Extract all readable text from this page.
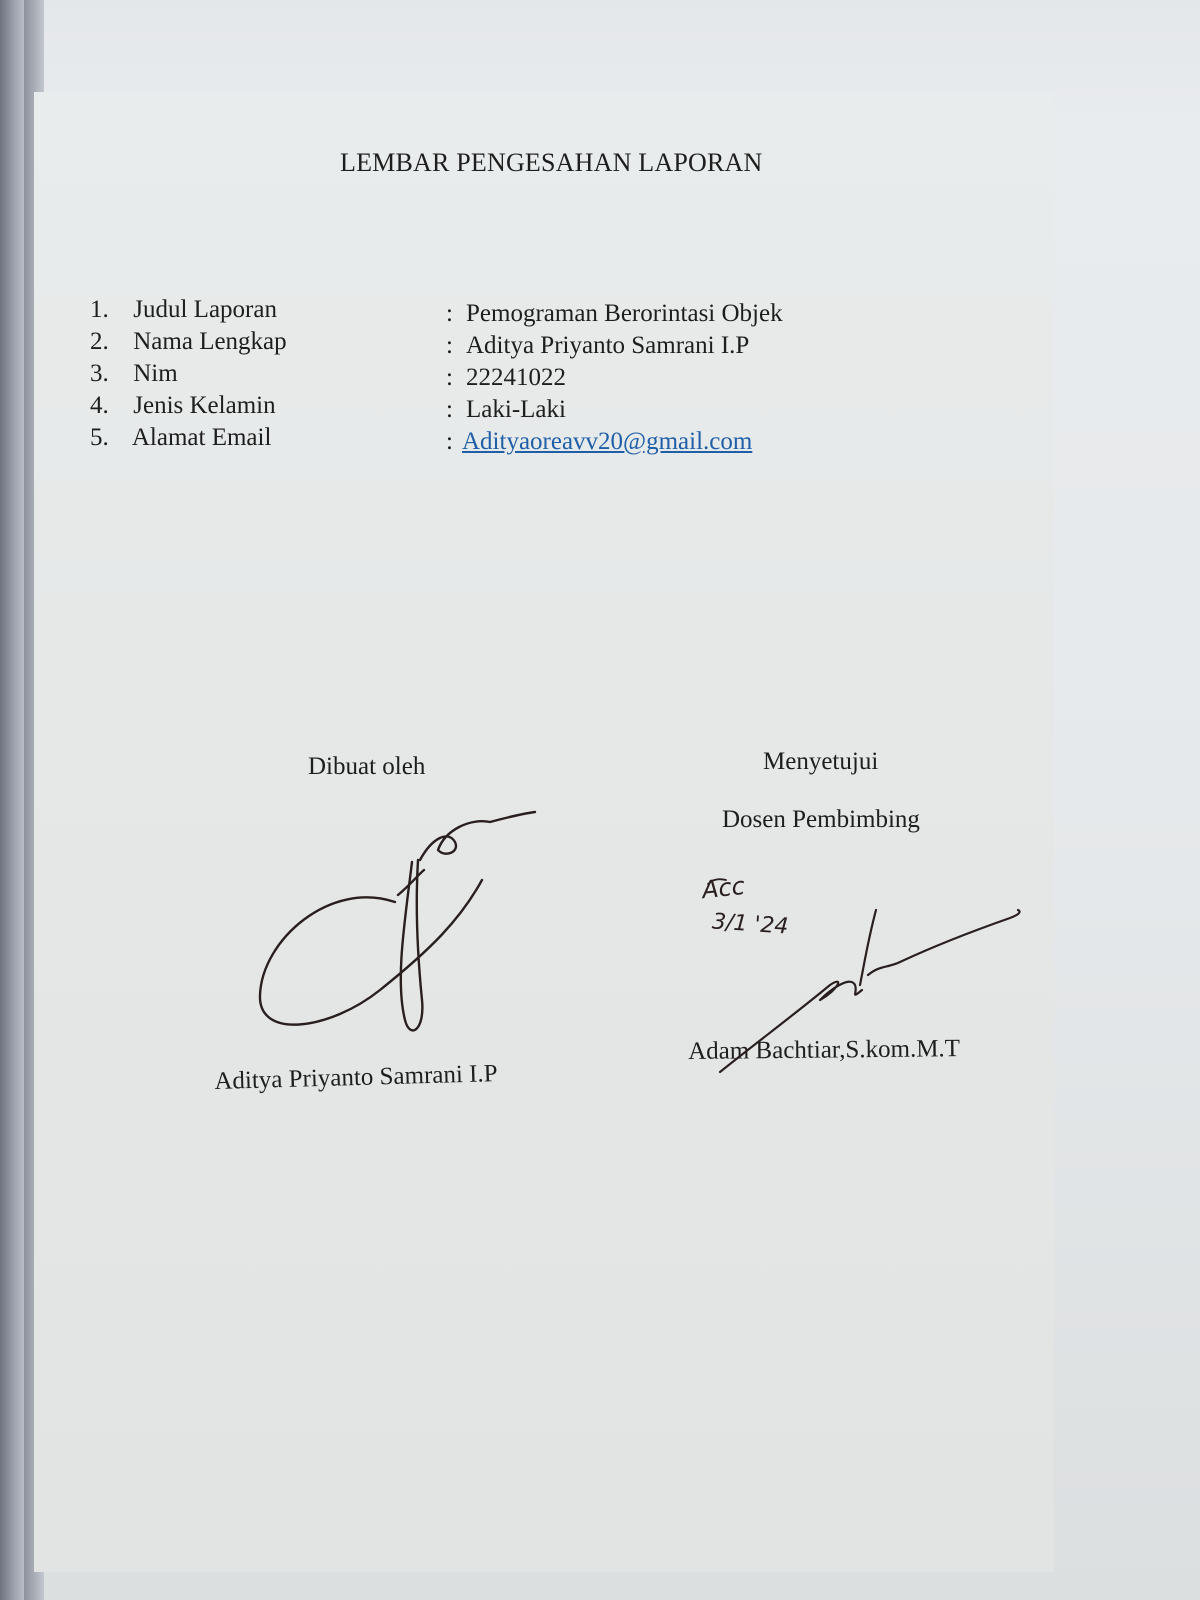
LEMBAR PENGESAHAN LAPORAN
1. Judul Laporan	: Pemograman Berorintasi Objek
2. Nama Lengkap	: Aditya Priyanto Samrani I.P
3. Nim	: 22241022
4. Jenis Kelamin	: Laki-Laki
5. Alamat Email	: Adityaoreavv20@gmail.com
Dibuat oleh	Menyetujui
Dosen Pembimbing
Aditya Priyanto Samrani I.P
Adam Bachtiar,S.kom.M.T
Acc
3/1 '24
